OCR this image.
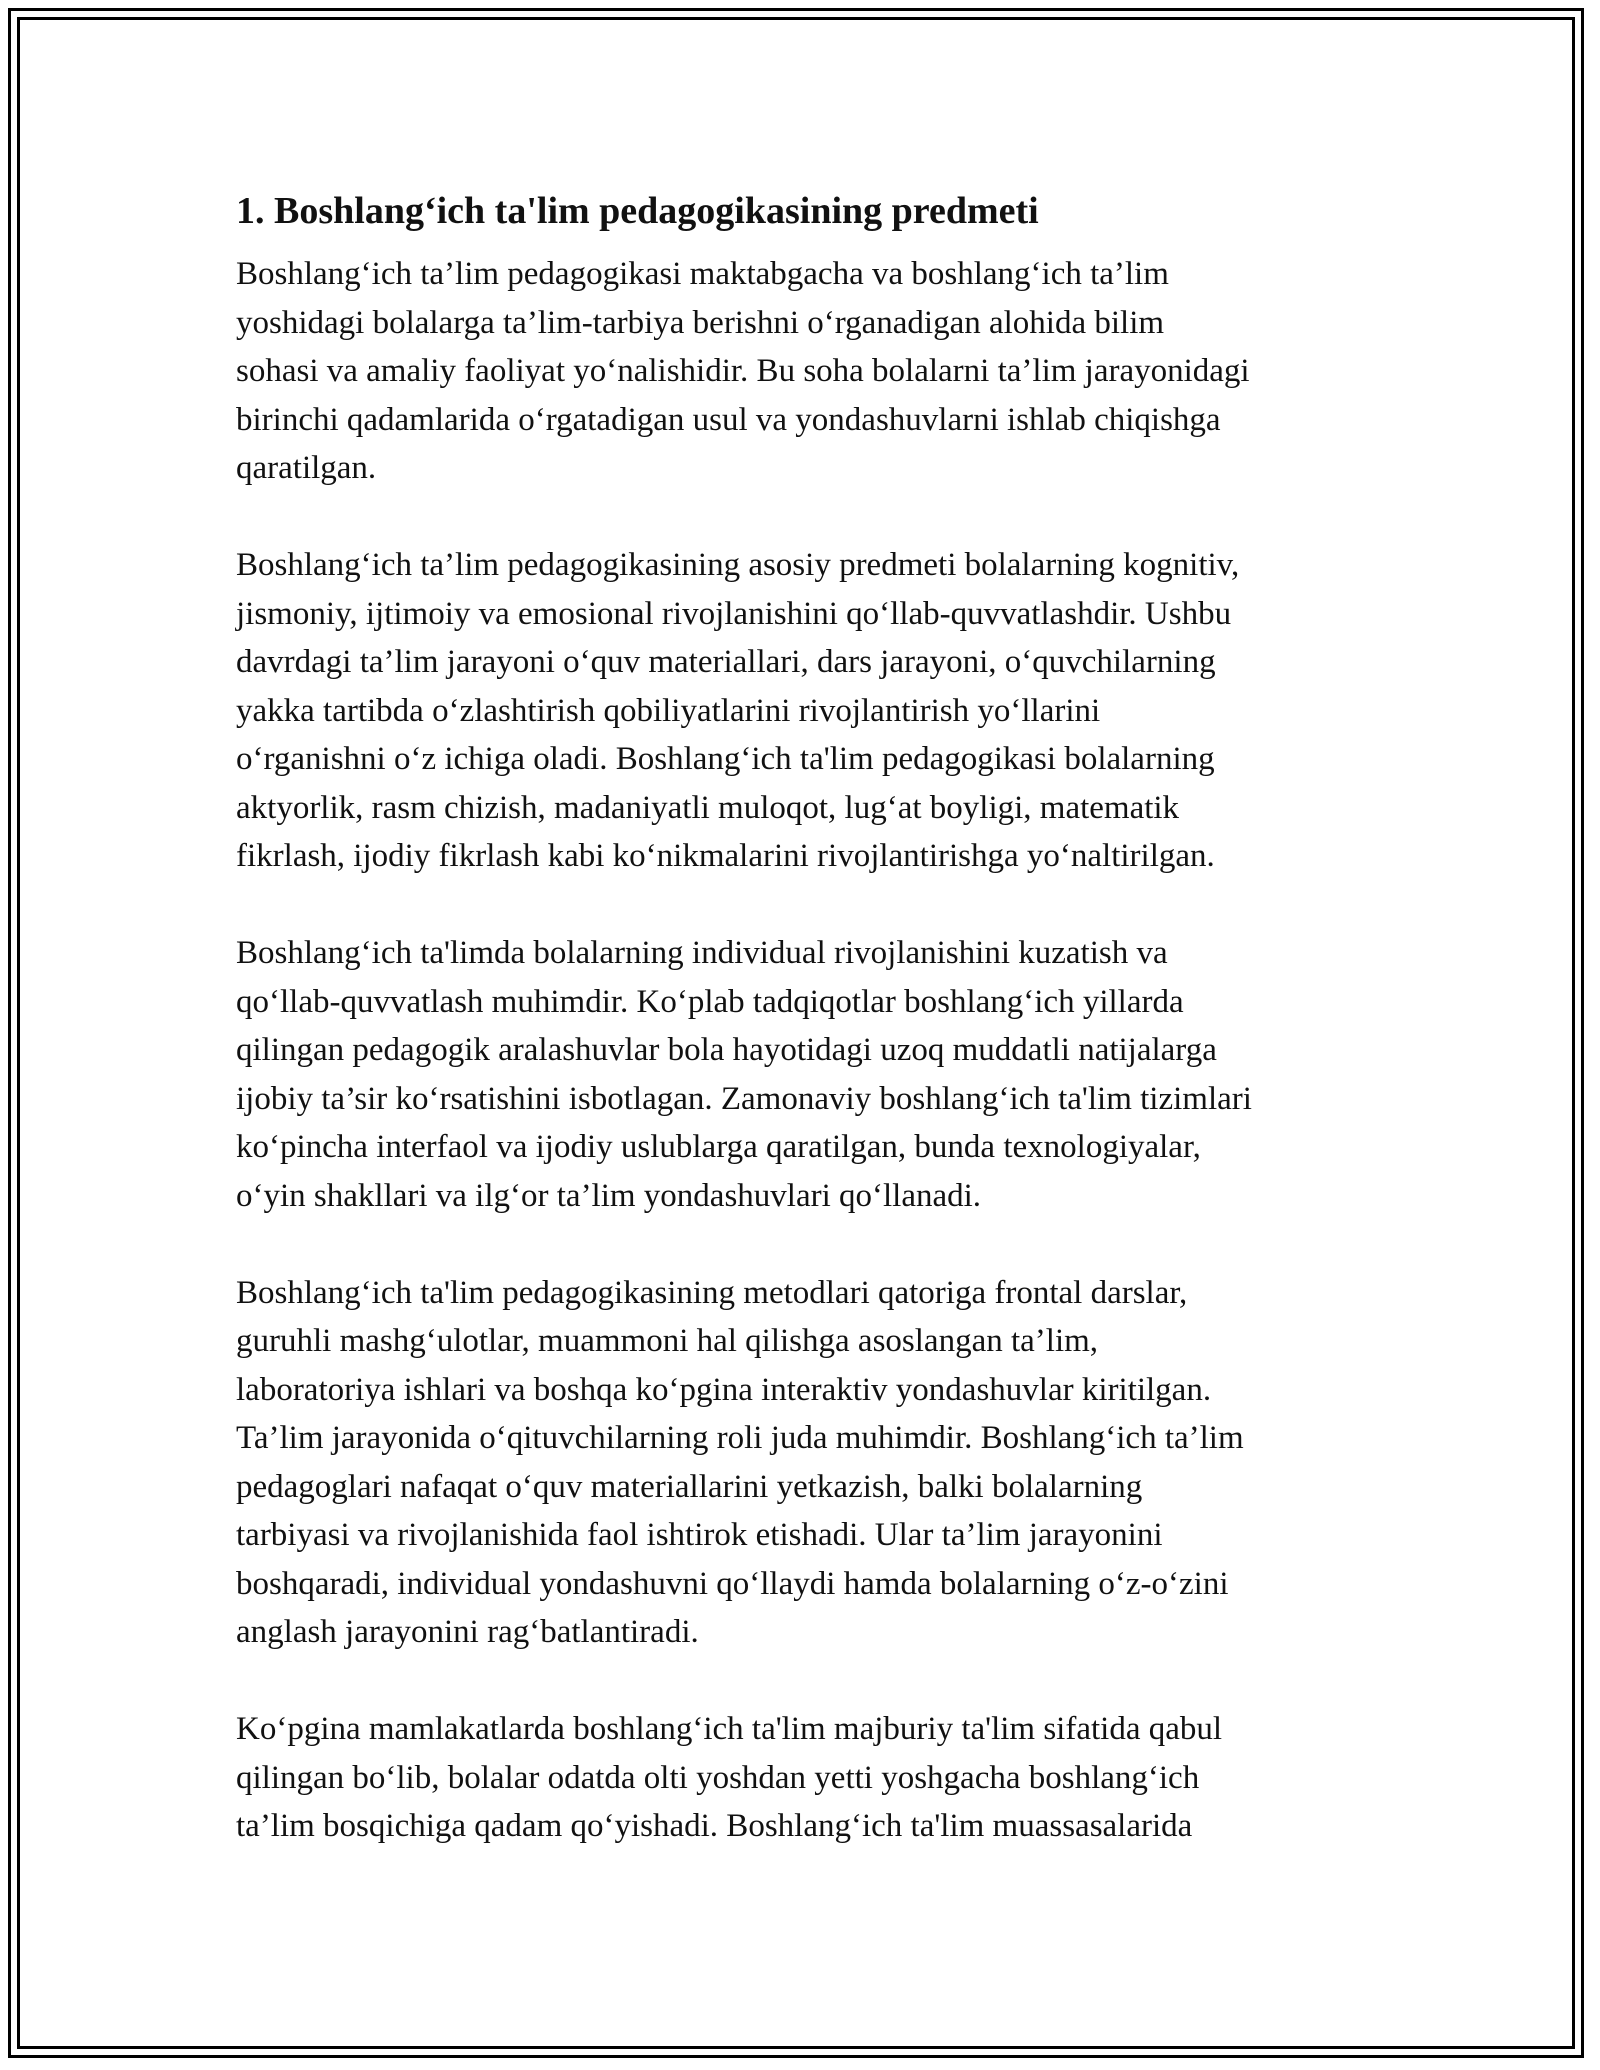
1. Boshlang‘ich ta'lim pedagogikasining predmeti
Boshlang‘ich ta’lim pedagogikasi maktabgacha va boshlang‘ich ta’lim
yoshidagi bolalarga ta’lim-tarbiya berishni o‘rganadigan alohida bilim
sohasi va amaliy faoliyat yo‘nalishidir. Bu soha bolalarni ta’lim jarayonidagi
birinchi qadamlarida o‘rgatadigan usul va yondashuvlarni ishlab chiqishga
qaratilgan.
Boshlang‘ich ta’lim pedagogikasining asosiy predmeti bolalarning kognitiv,
jismoniy, ijtimoiy va emosional rivojlanishini qo‘llab-quvvatlashdir. Ushbu
davrdagi ta’lim jarayoni o‘quv materiallari, dars jarayoni, o‘quvchilarning
yakka tartibda o‘zlashtirish qobiliyatlarini rivojlantirish yo‘llarini
o‘rganishni o‘z ichiga oladi. Boshlang‘ich ta'lim pedagogikasi bolalarning
aktyorlik, rasm chizish, madaniyatli muloqot, lug‘at boyligi, matematik
fikrlash, ijodiy fikrlash kabi ko‘nikmalarini rivojlantirishga yo‘naltirilgan.
Boshlang‘ich ta'limda bolalarning individual rivojlanishini kuzatish va
qo‘llab-quvvatlash muhimdir. Ko‘plab tadqiqotlar boshlang‘ich yillarda
qilingan pedagogik aralashuvlar bola hayotidagi uzoq muddatli natijalarga
ijobiy ta’sir ko‘rsatishini isbotlagan. Zamonaviy boshlang‘ich ta'lim tizimlari
ko‘pincha interfaol va ijodiy uslublarga qaratilgan, bunda texnologiyalar,
o‘yin shakllari va ilg‘or ta’lim yondashuvlari qo‘llanadi.
Boshlang‘ich ta'lim pedagogikasining metodlari qatoriga frontal darslar,
guruhli mashg‘ulotlar, muammoni hal qilishga asoslangan ta’lim,
laboratoriya ishlari va boshqa ko‘pgina interaktiv yondashuvlar kiritilgan.
Ta’lim jarayonida o‘qituvchilarning roli juda muhimdir. Boshlang‘ich ta’lim
pedagoglari nafaqat o‘quv materiallarini yetkazish, balki bolalarning
tarbiyasi va rivojlanishida faol ishtirok etishadi. Ular ta’lim jarayonini
boshqaradi, individual yondashuvni qo‘llaydi hamda bolalarning o‘z-o‘zini
anglash jarayonini rag‘batlantiradi.
Ko‘pgina mamlakatlarda boshlang‘ich ta'lim majburiy ta'lim sifatida qabul
qilingan bo‘lib, bolalar odatda olti yoshdan yetti yoshgacha boshlang‘ich
ta’lim bosqichiga qadam qo‘yishadi. Boshlang‘ich ta'lim muassasalarida
